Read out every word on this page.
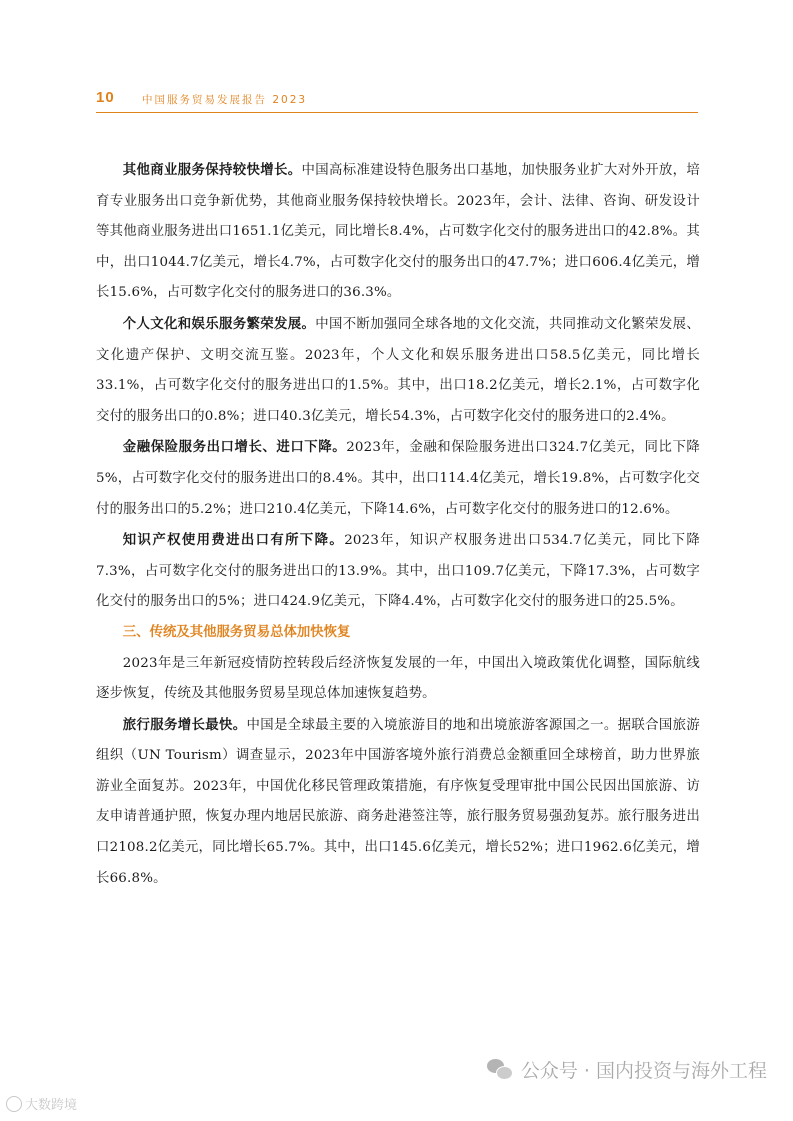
10	中国服务贸易发展报告 2023

其他商业服务保持较快增长。中国高标准建设特色服务出口基地，加快服务业扩大对外开放，培育专业服务出口竞争新优势，其他商业服务保持较快增长。2023年，会计、法律、咨询、研发设计等其他商业服务进出口1651.1亿美元，同比增长8.4%，占可数字化交付的服务进出口的42.8%。其中，出口1044.7亿美元，增长4.7%，占可数字化交付的服务出口的47.7%；进口606.4亿美元，增长15.6%，占可数字化交付的服务进口的36.3%。

个人文化和娱乐服务繁荣发展。中国不断加强同全球各地的文化交流，共同推动文化繁荣发展、文化遗产保护、文明交流互鉴。2023年，个人文化和娱乐服务进出口58.5亿美元，同比增长33.1%，占可数字化交付的服务进出口的1.5%。其中，出口18.2亿美元，增长2.1%，占可数字化交付的服务出口的0.8%；进口40.3亿美元，增长54.3%，占可数字化交付的服务进口的2.4%。

金融保险服务出口增长、进口下降。2023年，金融和保险服务进出口324.7亿美元，同比下降5%，占可数字化交付的服务进出口的8.4%。其中，出口114.4亿美元，增长19.8%，占可数字化交付的服务出口的5.2%；进口210.4亿美元，下降14.6%，占可数字化交付的服务进口的12.6%。

知识产权使用费进出口有所下降。2023年，知识产权服务进出口534.7亿美元，同比下降7.3%，占可数字化交付的服务进出口的13.9%。其中，出口109.7亿美元，下降17.3%，占可数字化交付的服务出口的5%；进口424.9亿美元，下降4.4%，占可数字化交付的服务进口的25.5%。

三、传统及其他服务贸易总体加快恢复

2023年是三年新冠疫情防控转段后经济恢复发展的一年，中国出入境政策优化调整，国际航线逐步恢复，传统及其他服务贸易呈现总体加速恢复趋势。

旅行服务增长最快。中国是全球最主要的入境旅游目的地和出境旅游客源国之一。据联合国旅游组织（UN Tourism）调查显示，2023年中国游客境外旅行消费总金额重回全球榜首，助力世界旅游业全面复苏。2023年，中国优化移民管理政策措施，有序恢复受理审批中国公民因出国旅游、访友申请普通护照，恢复办理内地居民旅游、商务赴港签注等，旅行服务贸易强劲复苏。旅行服务进出口2108.2亿美元，同比增长65.7%。其中，出口145.6亿美元，增长52%；进口1962.6亿美元，增长66.8%。

公众号 · 国内投资与海外工程
大数跨境
